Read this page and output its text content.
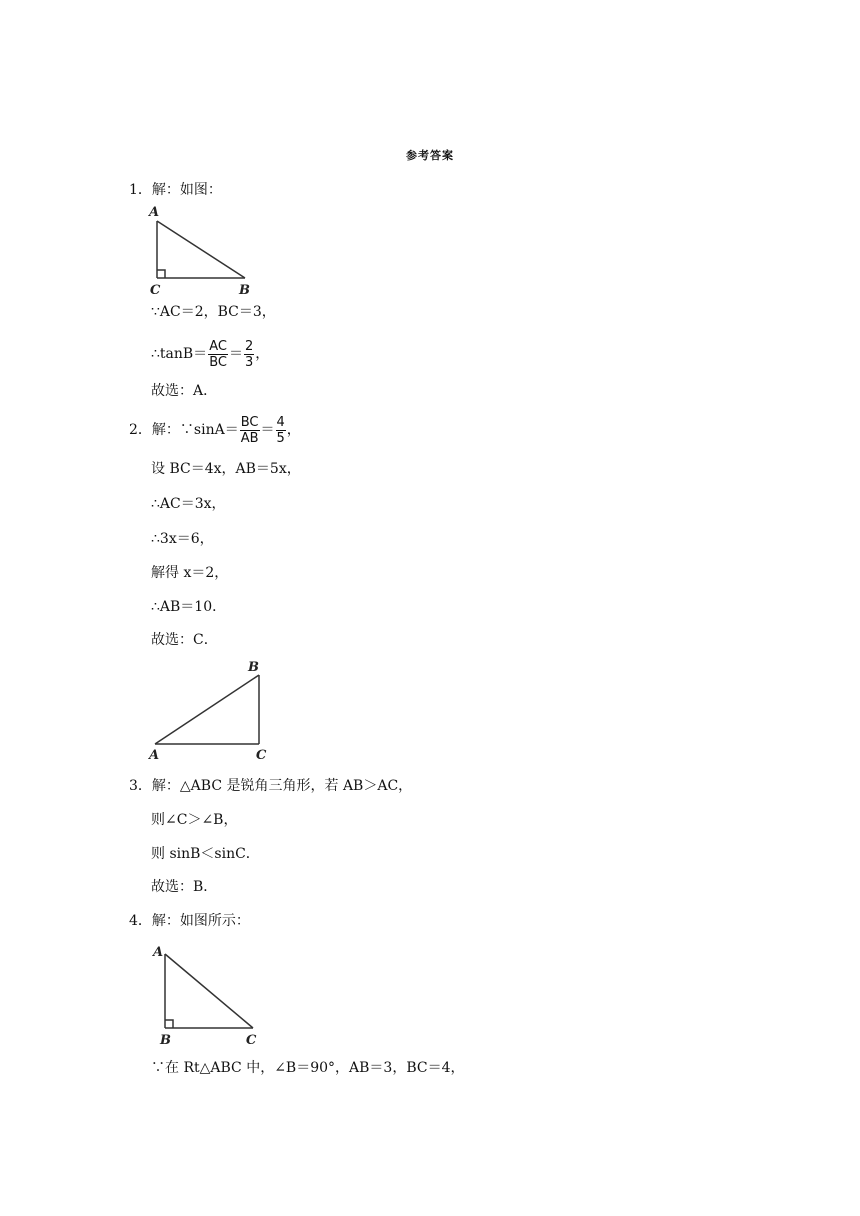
参考答案
1．解：如图：
A
C	B
∵AC＝2，BC＝3，
∴tanB＝ $\frac{AC}{BC} = \frac{2}{3}$ ，
故选：A．
2．解：∵sinA＝ $\frac{BC}{AB} = \frac{4}{5}$ ，
设 BC＝4x，AB＝5x，
∴AC＝3x，
∴3x＝6，
解得 x＝2，
∴AB＝10．
故选：C．
B
A	C
3．解：△ABC 是锐角三角形，若 AB＞AC，
则∠C＞∠B，
则 sinB＜sinC．
故选：B．
4．解：如图所示：
A
B	C
∵在 Rt△ABC 中，∠B＝90°，AB＝3，BC＝4，
